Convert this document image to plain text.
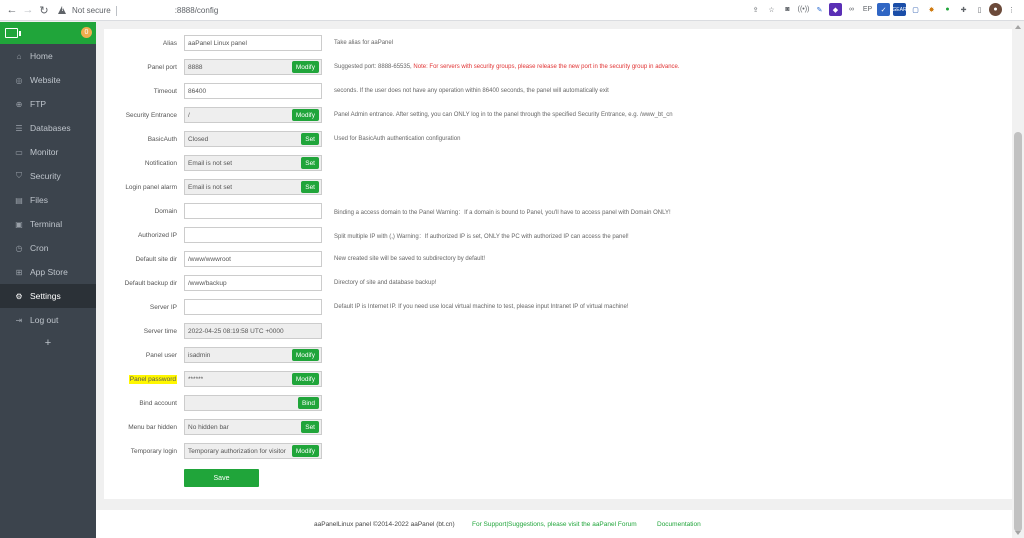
← → ↻
!	Not secure	:8888/config	⇪	☆	◙	((•))	✎	◆	∞	EP	✓	GEAR ▢	✸	●	✚	▯	●	⋮
0
⌂	Home
◎ Website
⊕ FTP
☰ Databases
▭ Monitor
⛉ Security
▤ Files
▣ Terminal
◷ Cron
⊞ App Store
⚙ Settings
⇥ Log out
+
Alias aaPanel Linux panel	Take alias for aaPanel
Panel port 8888	Modify	Suggested port: 8888-65535, Note: For servers with security groups, please release the new port in the security group in advance.
Timeout 86400	seconds. If the user does not have any operation within 86400 seconds, the panel will automatically exit
Security Entrance /	Modify	Panel Admin entrance. After setting, you can ONLY log in to the panel through the specified Security Entrance, e.g. /www_bt_cn
BasicAuth Closed	Set	Used for BasicAuth authentication configuration
Notification Email is not set	Set
Login panel alarm Email is not set	Set
Domain	Binding a access domain to the Panel Warning：If a domain is bound to Panel, you'll have to access panel with Domain ONLY!
Authorized IP	Split multiple IP with (,) Warning：If authorized IP is set, ONLY the PC with authorized IP can access the panel!
Default site dir /www/wwwroot	New created site will be saved to subdirectory by default!
Default backup dir /www/backup	Directory of site and database backup!
Server IP	Default IP is Internet IP. If you need use local virtual machine to test, please input Intranet IP of virtual machine!
Server time 2022-04-25 08:19:58 UTC +0000
Panel user isadmin	Modify
Panel password ******	Modify
Bind account	Bind
Menu bar hidden No hidden bar	Set
Temporary login Temporary authorization for visitor	Modify
Save
aaPanelLinux panel ©2014-2022 aaPanel (bt.cn)	For Support|Suggestions, please visit the aaPanel Forum	Documentation
